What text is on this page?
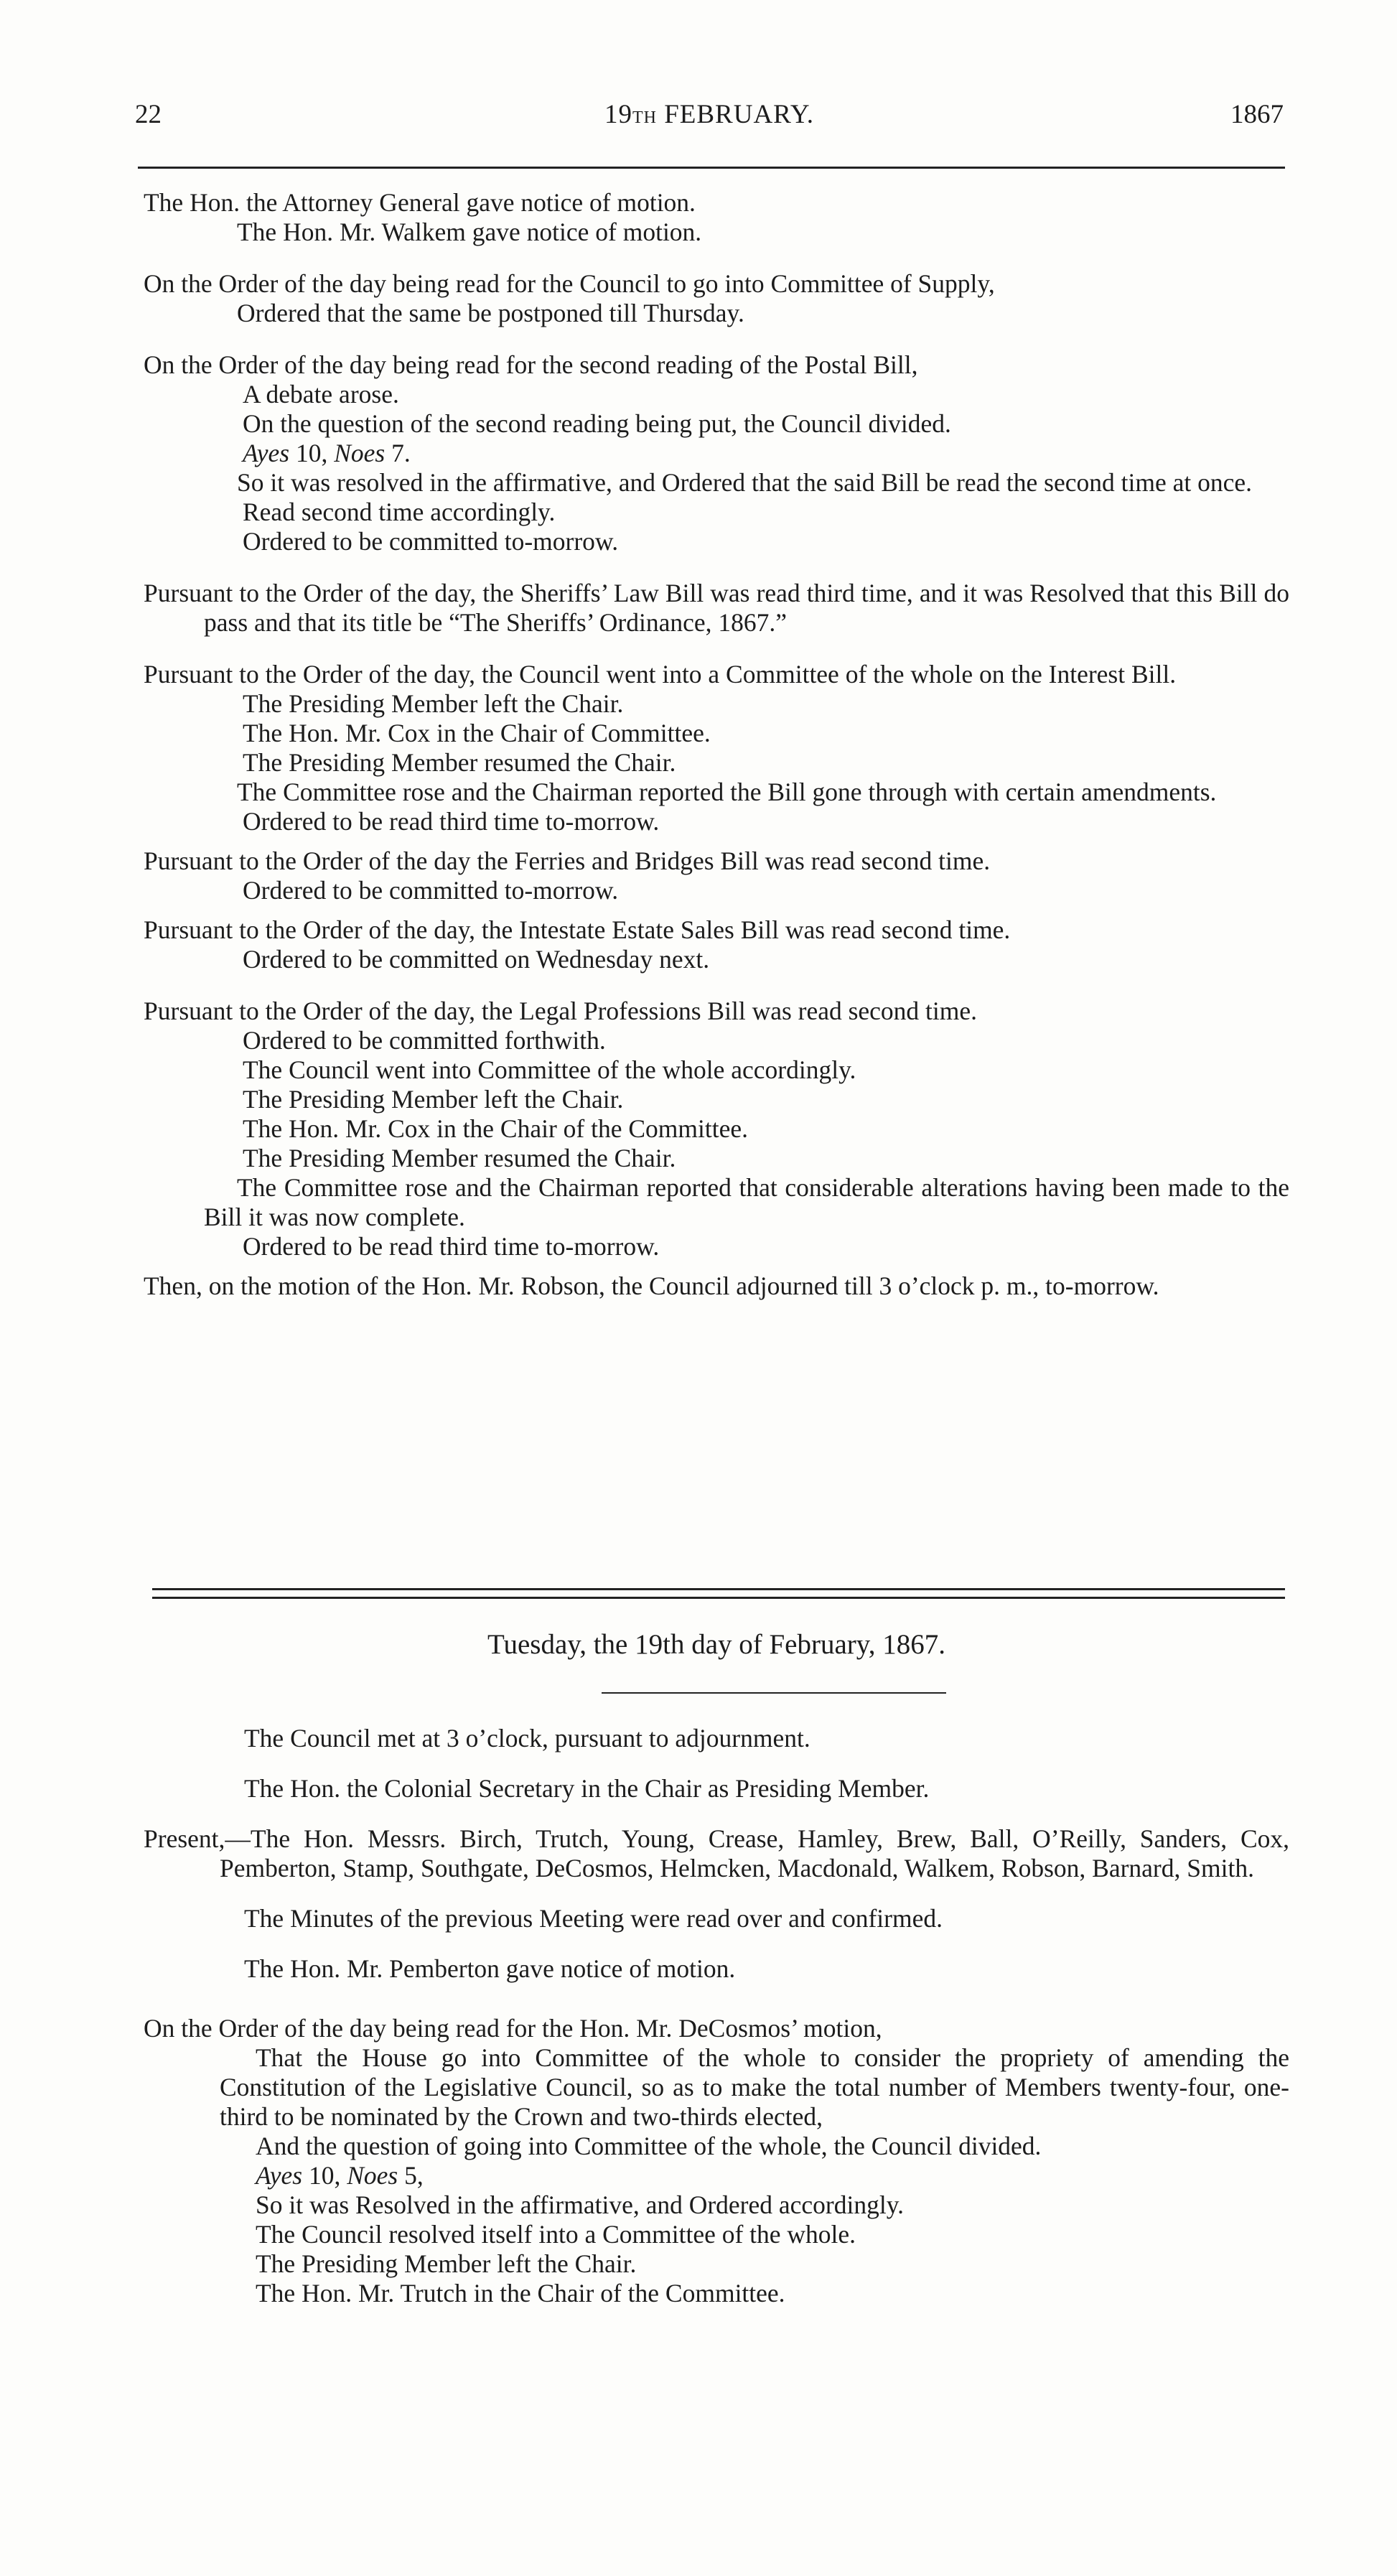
22	19TH FEBRUARY.	1867

The Hon. the Attorney General gave notice of motion.

The Hon. Mr. Walkem gave notice of motion.

On the Order of the day being read for the Council to go into Committee of Supply,

Ordered that the same be postponed till Thursday.

On the Order of the day being read for the second reading of the Postal Bill,

A debate arose.

On the question of the second reading being put, the Council divided.

Ayes 10, Noes 7.

So it was resolved in the affirmative, and Ordered that the said Bill be read the second time at once.

Read second time accordingly.

Ordered to be committed to-morrow.

Pursuant to the Order of the day, the Sheriffs’ Law Bill was read third time, and it was Resolved that this Bill do pass and that its title be “The Sheriffs’ Ordinance, 1867.”

Pursuant to the Order of the day, the Council went into a Committee of the whole on the Interest Bill.

The Presiding Member left the Chair.

The Hon. Mr. Cox in the Chair of Committee.

The Presiding Member resumed the Chair.

The Committee rose and the Chairman reported the Bill gone through with certain amendments.

Ordered to be read third time to-morrow.

Pursuant to the Order of the day the Ferries and Bridges Bill was read second time.

Ordered to be committed to-morrow.

Pursuant to the Order of the day, the Intestate Estate Sales Bill was read second time.

Ordered to be committed on Wednesday next.

Pursuant to the Order of the day, the Legal Professions Bill was read second time.

Ordered to be committed forthwith.

The Council went into Committee of the whole accordingly.

The Presiding Member left the Chair.

The Hon. Mr. Cox in the Chair of the Committee.

The Presiding Member resumed the Chair.

The Committee rose and the Chairman reported that considerable alterations having been made to the Bill it was now complete.

Ordered to be read third time to-morrow.

Then, on the motion of the Hon. Mr. Robson, the Council adjourned till 3 o’clock p. m., to-morrow.

Tuesday, the 19th day of February, 1867.

The Council met at 3 o’clock, pursuant to adjournment.

The Hon. the Colonial Secretary in the Chair as Presiding Member.

Present,—The Hon. Messrs. Birch, Trutch, Young, Crease, Hamley, Brew, Ball, O’Reilly, Sanders, Cox, Pemberton, Stamp, Southgate, DeCosmos, Helmcken, Macdonald, Walkem, Robson, Barnard, Smith.

The Minutes of the previous Meeting were read over and confirmed.

The Hon. Mr. Pemberton gave notice of motion.

On the Order of the day being read for the Hon. Mr. DeCosmos’ motion,

That the House go into Committee of the whole to consider the propriety of amending the Constitution of the Legislative Council, so as to make the total number of Members twenty-four, one-third to be nominated by the Crown and two-thirds elected,

And the question of going into Committee of the whole, the Council divided.

Ayes 10, Noes 5,

So it was Resolved in the affirmative, and Ordered accordingly.

The Council resolved itself into a Committee of the whole.

The Presiding Member left the Chair.

The Hon. Mr. Trutch in the Chair of the Committee.
